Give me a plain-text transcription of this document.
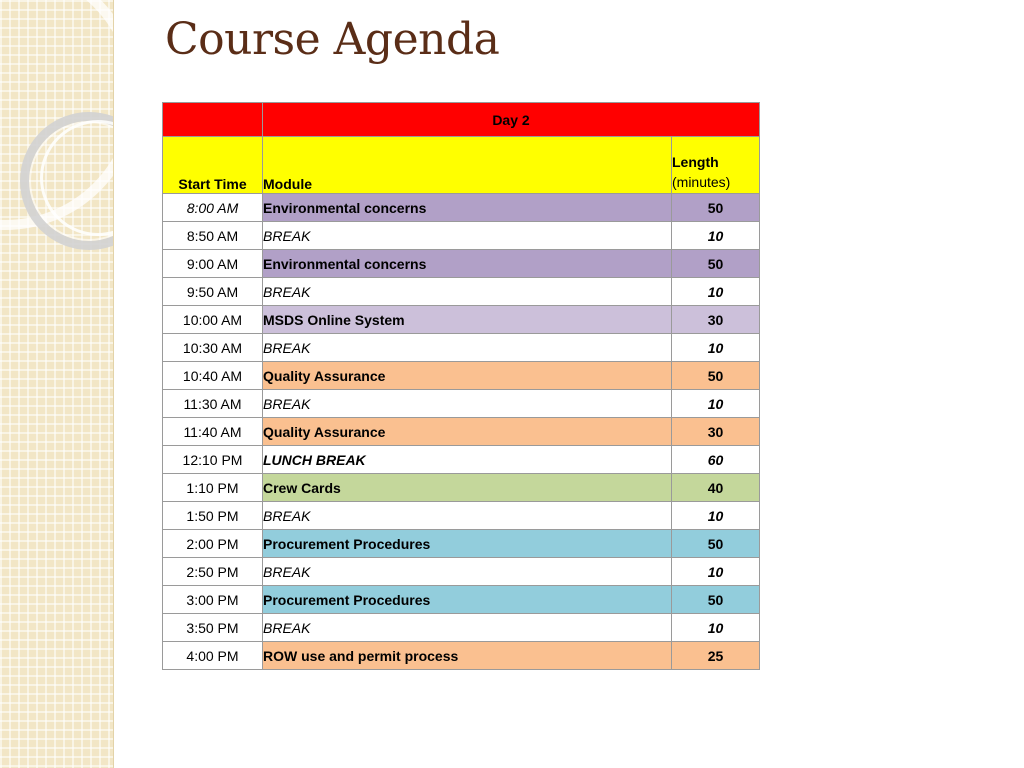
Course Agenda
	Day 2	
Start Time	Module	Length
(minutes)

8:00 AM	Environmental concerns	50
8:50 AM	BREAK	10
9:00 AM	Environmental concerns	50
9:50 AM	BREAK	10
10:00 AM	MSDS Online System	30
10:30 AM	BREAK	10
10:40 AM	Quality Assurance	50
11:30 AM	BREAK	10
11:40 AM	Quality Assurance	30
12:10 PM	LUNCH BREAK	60
1:10 PM	Crew Cards	40
1:50 PM	BREAK	10
2:00 PM	Procurement Procedures	50
2:50 PM	BREAK	10
3:00 PM	Procurement Procedures	50
3:50 PM	BREAK	10
4:00 PM	ROW use and permit process	25
